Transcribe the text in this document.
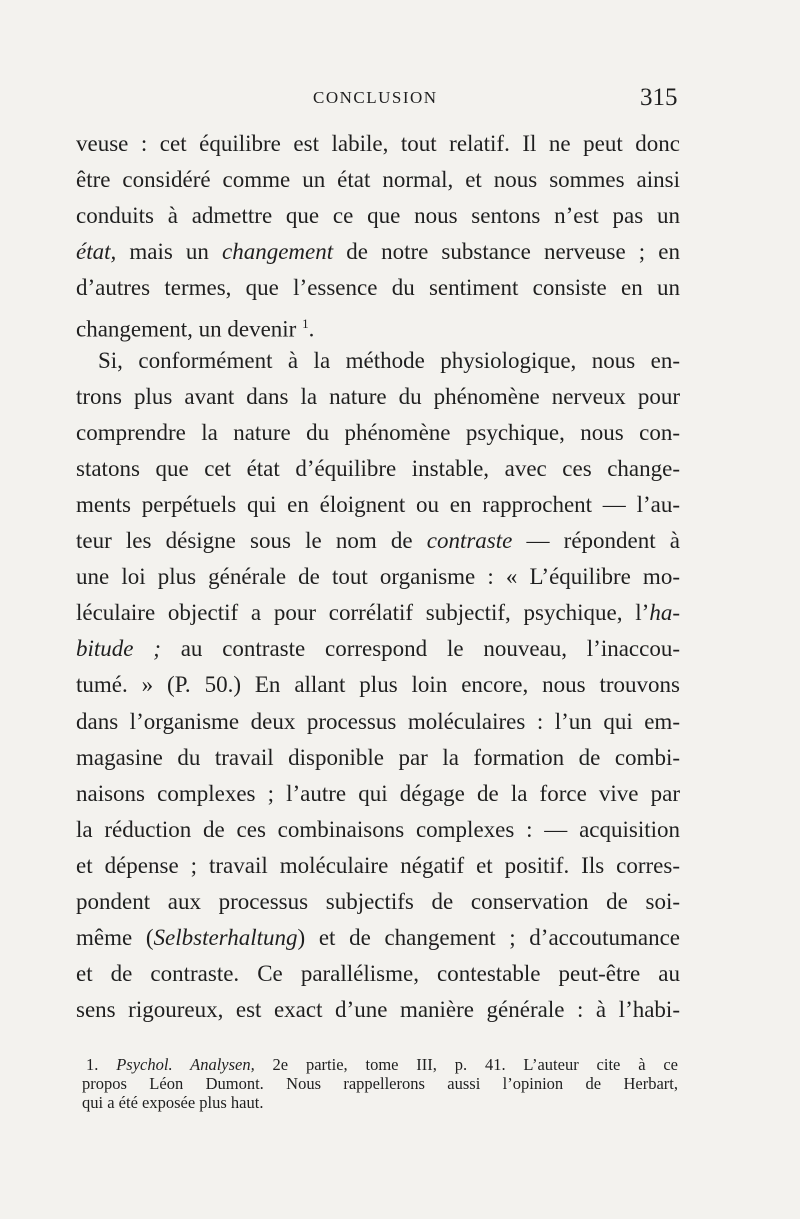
CONCLUSION	315
veuse : cet équilibre est labile, tout relatif. Il ne peut donc
être considéré comme un état normal, et nous sommes ainsi
conduits à admettre que ce que nous sentons n’est pas un
état, mais un changement de notre substance nerveuse ; en
d’autres termes, que l’essence du sentiment consiste en un
changement, un devenir $^1$.
Si, conformément à la méthode physiologique, nous en-
trons plus avant dans la nature du phénomène nerveux pour
comprendre la nature du phénomène psychique, nous con-
statons que cet état d’équilibre instable, avec ces change-
ments perpétuels qui en éloignent ou en rapprochent — l’au-
teur les désigne sous le nom de contraste — répondent à
une loi plus générale de tout organisme : « L’équilibre mo-
léculaire objectif a pour corrélatif subjectif, psychique, l’ha-
bitude ; au contraste correspond le nouveau, l’inaccou-
tumé. » (P. 50.) En allant plus loin encore, nous trouvons
dans l’organisme deux processus moléculaires : l’un qui em-
magasine du travail disponible par la formation de combi-
naisons complexes ; l’autre qui dégage de la force vive par
la réduction de ces combinaisons complexes : — acquisition
et dépense ; travail moléculaire négatif et positif. Ils corres-
pondent aux processus subjectifs de conservation de soi-
même (Selbsterhaltung) et de changement ; d’accoutumance
et de contraste. Ce parallélisme, contestable peut-être au
sens rigoureux, est exact d’une manière générale : à l’habi-
1. Psychol. Analysen, 2e partie, tome III, p. 41. L’auteur cite à ce
propos Léon Dumont. Nous rappellerons aussi l’opinion de Herbart,
qui a été exposée plus haut.
